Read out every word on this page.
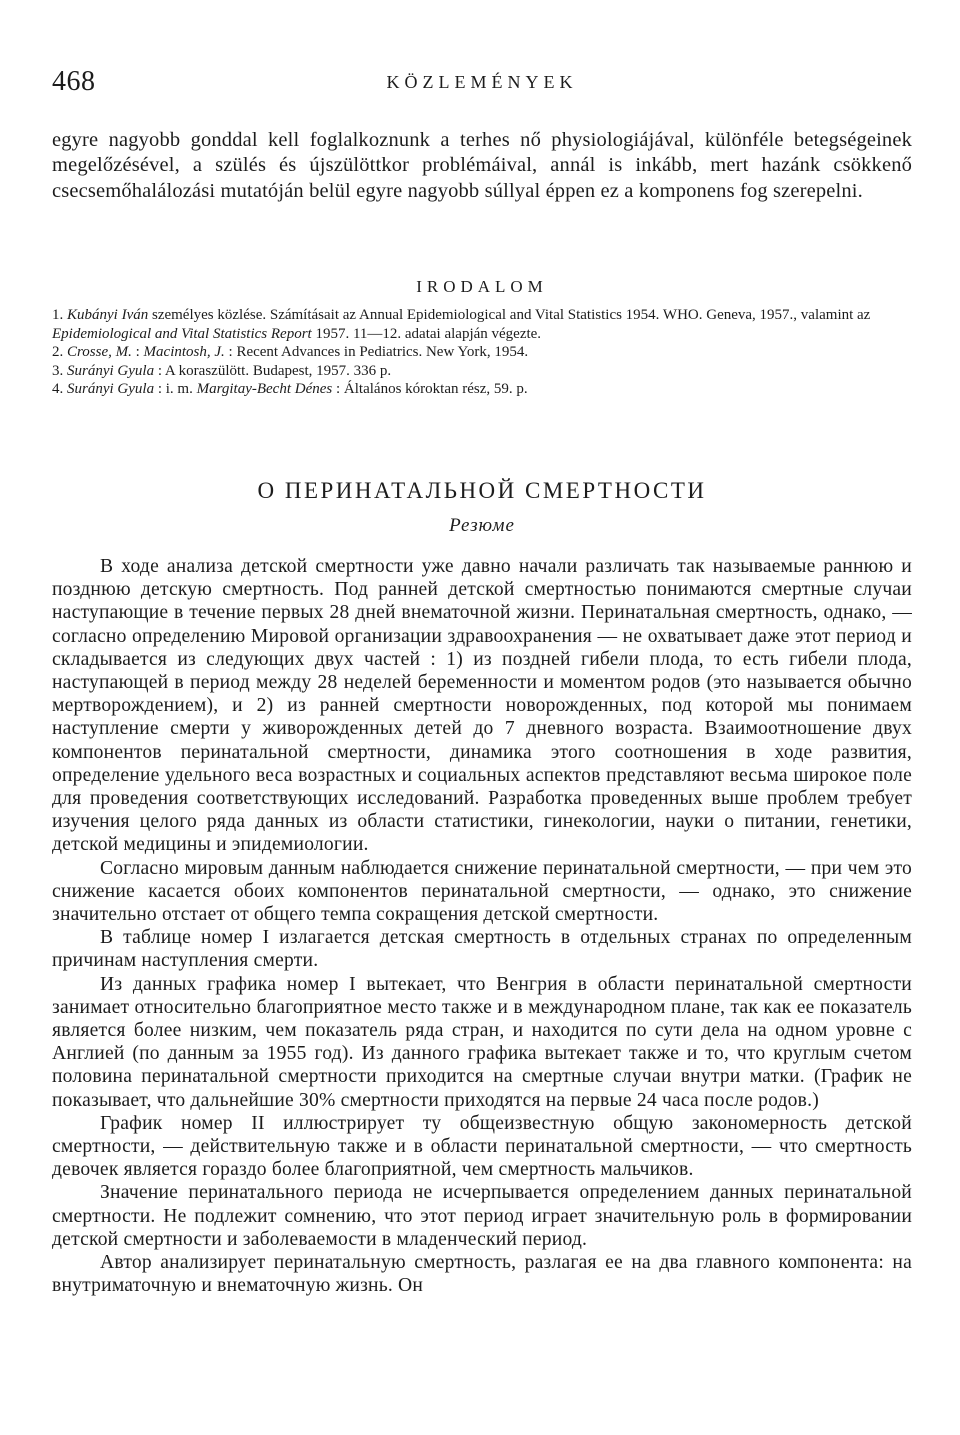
468	KÖZLEMÉNYEK

egyre nagyobb gonddal kell foglalkoznunk a terhes nő physiologiájával, különféle betegségeinek megelőzésével, a szülés és újszülöttkor problémáival, annál is inkább, mert hazánk csökkenő csecsemőhalálozási mutatóján belül egyre nagyobb súllyal éppen ez a komponens fog szerepelni.

IRODALOM
1. Kubányi Iván személyes közlése. Számításait az Annual Epidemiological and Vital Statistics 1954. WHO. Geneva, 1957., valamint az Epidemiological and Vital Statistics Report 1957. 11—12. adatai alapján végezte.
2. Crosse, M. : Macintosh, J. : Recent Advances in Pediatrics. New York, 1954.
3. Surányi Gyula : A koraszülött. Budapest, 1957. 336 p.
4. Surányi Gyula : i. m. Margitay-Becht Dénes : Általános kóroktan rész, 59. p.
О ПЕРИНАТАЛЬНОЙ СМЕРТНОСТИ
Резюме

В ходе анализа детской смертности уже давно начали различать так называемые раннюю и позднюю детскую смертность. Под ранней детской смертностью понимаются смертные случаи наступающие в течение первых 28 дней внематочной жизни. Перинатальная смертность, однако, — согласно определению Мировой организации здравоохранения — не охватывает даже этот период и складывается из следующих двух частей : 1) из поздней гибели плода, то есть гибели плода, наступающей в период между 28 неделей беременности и моментом родов (это называется обычно мертворождением), и 2) из ранней смертности новорожденных, под которой мы понимаем наступление смерти у живорожденных детей до 7 дневного возраста. Взаимоотношение двух компонентов перинатальной смертности, динамика этого соотношения в ходе развития, определение удельного веса возрастных и социальных аспектов представляют весьма широкое поле для проведения соответствующих исследований. Разработка проведенных выше проблем требует изучения целого ряда данных из области статистики, гинекологии, науки о питании, генетики, детской медицины и эпидемиологии.

Согласно мировым данным наблюдается снижение перинатальной смертности, — при чем это снижение касается обоих компонентов перинатальной смертности, — однако, это снижение значительно отстает от общего темпа сокращения детской смертности.

В таблице номер I излагается детская смертность в отдельных странах по определенным причинам наступления смерти.

Из данных графика номер I вытекает, что Венгрия в области перинатальной смертности занимает относительно благоприятное место также и в международном плане, так как ее показатель является более низким, чем показатель ряда стран, и находится по сути дела на одном уровне с Англией (по данным за 1955 год). Из данного графика вытекает также и то, что круглым счетом половина перинатальной смертности приходится на смертные случаи внутри матки. (График не показывает, что дальнейшие 30% смертности приходятся на первые 24 часа после родов.)

График номер II иллюстрирует ту общеизвестную общую закономерность детской смертности, — действительную также и в области перинатальной смертности, — что смертность девочек является гораздо более благоприятной, чем смертность мальчиков.

Значение перинатального периода не исчерпывается определением данных перинатальной смертности. Не подлежит сомнению, что этот период играет значительную роль в формировании детской смертности и заболеваемости в младенческий период.

Автор анализирует перинатальную смертность, разлагая ее на два главного компонента: на внутриматочную и внематочную жизнь. Он
